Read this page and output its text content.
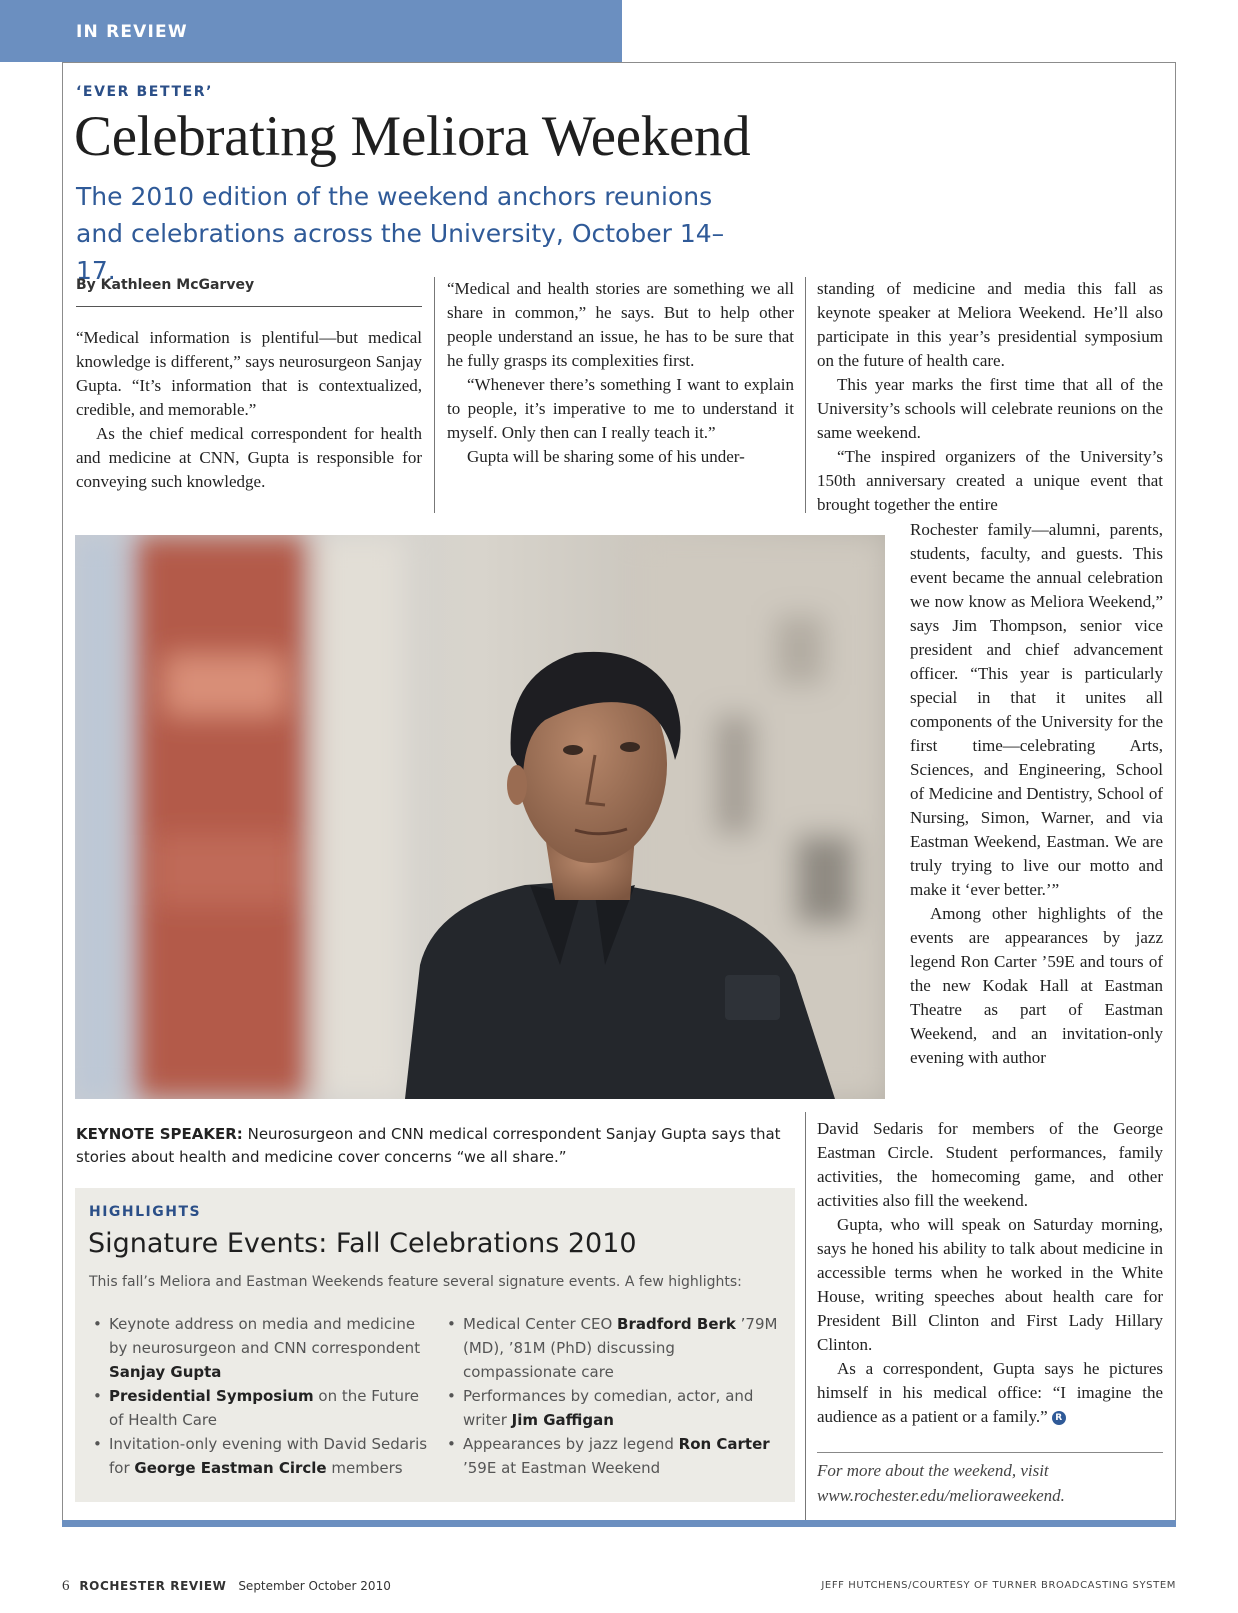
IN REVIEW
‘EVER BETTER’
Celebrating Meliora Weekend
The 2010 edition of the weekend anchors reunions and celebrations across the University, October 14–17.
By Kathleen McGarvey

“Medical information is plentiful—but medical knowledge is different,” says neurosurgeon Sanjay Gupta. “It’s information that is contextualized, credible, and memorable.”

As the chief medical correspondent for health and medicine at CNN, Gupta is responsible for conveying such knowledge.

“Medical and health stories are something we all share in common,” he says. But to help other people understand an issue, he has to be sure that he fully grasps its complexities first.

“Whenever there’s something I want to explain to people, it’s imperative to me to understand it myself. Only then can I really teach it.”

Gupta will be sharing some of his under-

standing of medicine and media this fall as keynote speaker at Meliora Weekend. He’ll also participate in this year’s presidential symposium on the future of health care.

This year marks the first time that all of the University’s schools will celebrate reunions on the same weekend.

“The inspired organizers of the University’s 150th anniversary created a unique event that brought together the entire

Rochester family—alumni, parents, students, faculty, and guests. This event became the annual celebration we now know as Meliora Weekend,” says Jim Thompson, senior vice president and chief advancement officer. “This year is particularly special in that it unites all components of the University for the first time—celebrating Arts, Sciences, and Engineering, School of Medicine and Dentistry, School of Nursing, Simon, Warner, and via Eastman Weekend, Eastman. We are truly trying to live our motto and make it ‘ever better.’”

Among other highlights of the events are appearances by jazz legend Ron Carter ’59E and tours of the new Kodak Hall at Eastman Theatre as part of Eastman Weekend, and an invitation-only evening with author

David Sedaris for members of the George Eastman Circle. Student performances, family activities, the homecoming game, and other activities also fill the weekend.

Gupta, who will speak on Saturday morning, says he honed his ability to talk about medicine in accessible terms when he worked in the White House, writing speeches about health care for President Bill Clinton and First Lady Hillary Clinton.

As a correspondent, Gupta says he pictures himself in his medical office: “I imagine the audience as a patient or a family.” R

KEYNOTE SPEAKER: Neurosurgeon and CNN medical correspondent Sanjay Gupta says that stories about health and medicine cover concerns “we all share.”
HIGHLIGHTS
Signature Events: Fall Celebrations 2010
This fall’s Meliora and Eastman Weekends feature several signature events. A few highlights:
• Keynote address on media and medicine by neurosurgeon and CNN correspondent Sanjay Gupta
• Presidential Symposium on the Future of Health Care
• Invitation-only evening with David Sedaris for George Eastman Circle members
• Medical Center CEO Bradford Berk ’79M (MD), ’81M (PhD) discussing compassionate care
• Performances by comedian, actor, and writer Jim Gaffigan
• Appearances by jazz legend Ron Carter ’59E at Eastman Weekend	For more about the weekend, visit www.rochester.edu/melioraweekend.
6 ROCHESTER REVIEW September October 2010	JEFF HUTCHENS/COURTESY OF TURNER BROADCASTING SYSTEM
